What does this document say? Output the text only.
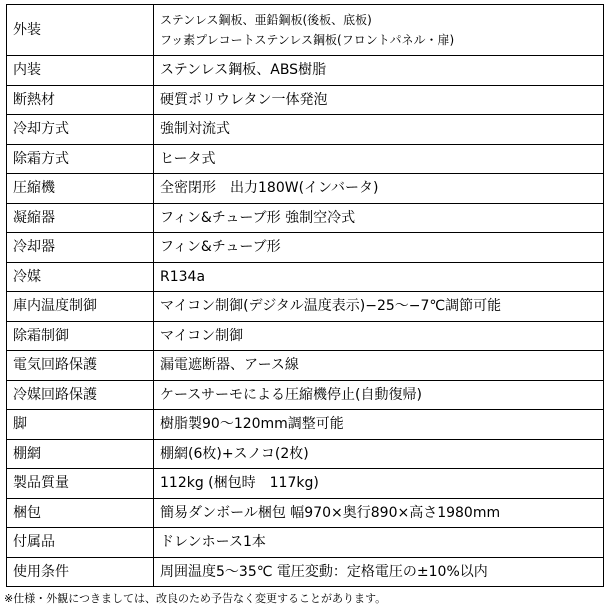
外装	ステンレス鋼板、亜鉛鋼板(後板、底板)
フッ素プレコートステンレス鋼板(フロントパネル・扉)

内装	ステンレス鋼板、ABS樹脂
断熱材	硬質ポリウレタン一体発泡
冷却方式	強制対流式
除霜方式	ヒータ式
圧縮機	全密閉形　出力180W(インバータ)
凝縮器	フィン&チューブ形 強制空冷式
冷却器	フィン&チューブ形
冷媒	R134a
庫内温度制御	マイコン制御(デジタル温度表示)−25〜−7℃調節可能
除霜制御	マイコン制御
電気回路保護	漏電遮断器、アース線
冷媒回路保護	ケースサーモによる圧縮機停止(自動復帰)
脚	樹脂製90〜120mm調整可能
棚網	棚網(6枚)+スノコ(2枚)
製品質量	112kg (梱包時　117kg)
梱包	簡易ダンボール梱包 幅970×奥行890×高さ1980mm
付属品	ドレンホース1本
使用条件	周囲温度5〜35℃ 電圧変動：定格電圧の±10%以内
※仕様・外観につきましては、改良のため予告なく変更することがあります。
